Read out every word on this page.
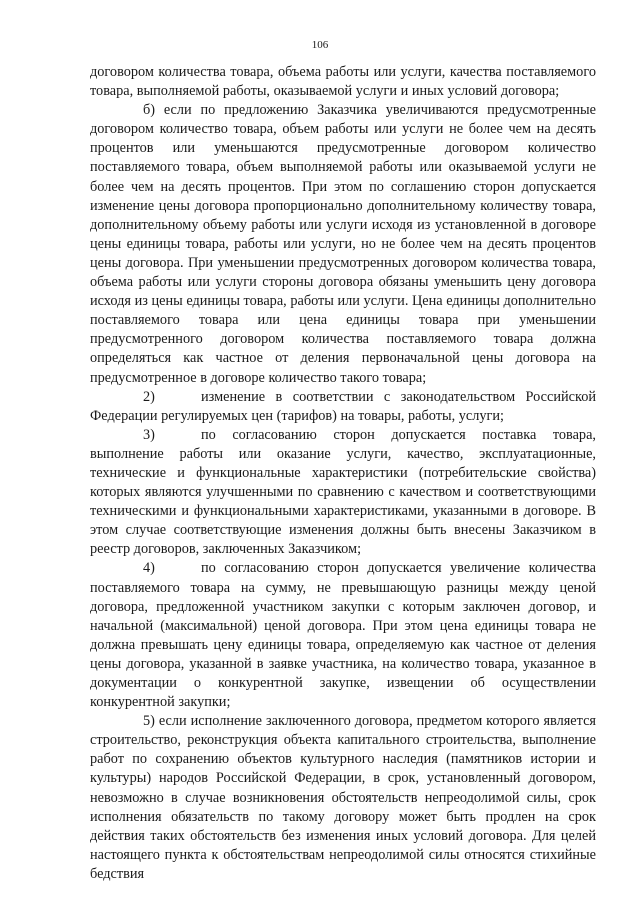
106

договором количества товара, объема работы или услуги, качества поставляемого товара, выполняемой работы, оказываемой услуги и иных условий договора;

б) если по предложению Заказчика увеличиваются предусмотренные договором количество товара, объем работы или услуги не более чем на десять процентов или уменьшаются предусмотренные договором количество поставляемого товара, объем выполняемой работы или оказываемой услуги не более чем на десять процентов. При этом по соглашению сторон допускается изменение цены договора пропорционально дополнительному количеству товара, дополнительному объему работы или услуги исходя из установленной в договоре цены единицы товара, работы или услуги, но не более чем на десять процентов цены договора. При уменьшении предусмотренных договором количества товара, объема работы или услуги стороны договора обязаны уменьшить цену договора исходя из цены единицы товара, работы или услуги. Цена единицы дополнительно поставляемого товара или цена единицы товара при уменьшении предусмотренного договором количества поставляемого товара должна определяться как частное от деления первоначальной цены договора на предусмотренное в договоре количество такого товара;

2)	изменение в соответствии с законодательством Российской Федерации регулируемых цен (тарифов) на товары, работы, услуги;

3)	по согласованию сторон допускается поставка товара, выполнение работы или оказание услуги, качество, эксплуатационные, технические и функциональные характеристики (потребительские свойства) которых являются улучшенными по сравнению с качеством и соответствующими техническими и функциональными характеристиками, указанными в договоре. В этом случае соответствующие изменения должны быть внесены Заказчиком в реестр договоров, заключенных Заказчиком;

4)	по согласованию сторон допускается увеличение количества поставляемого товара на сумму, не превышающую разницы между ценой договора, предложенной участником закупки с которым заключен договор, и начальной (максимальной) ценой договора. При этом цена единицы товара не должна превышать цену единицы товара, определяемую как частное от деления цены договора, указанной в заявке участника, на количество товара, указанное в документации о конкурентной закупке, извещении об осуществлении конкурентной закупки;

5) если исполнение заключенного договора, предметом которого является строительство, реконструкция объекта капитального строительства, выполнение работ по сохранению объектов культурного наследия (памятников истории и культуры) народов Российской Федерации, в срок, установленный договором, невозможно в случае возникновения обстоятельств непреодолимой силы, срок исполнения обязательств по такому договору может быть продлен на срок действия таких обстоятельств без изменения иных условий договора. Для целей настоящего пункта к обстоятельствам непреодолимой силы относятся стихийные бедствия
